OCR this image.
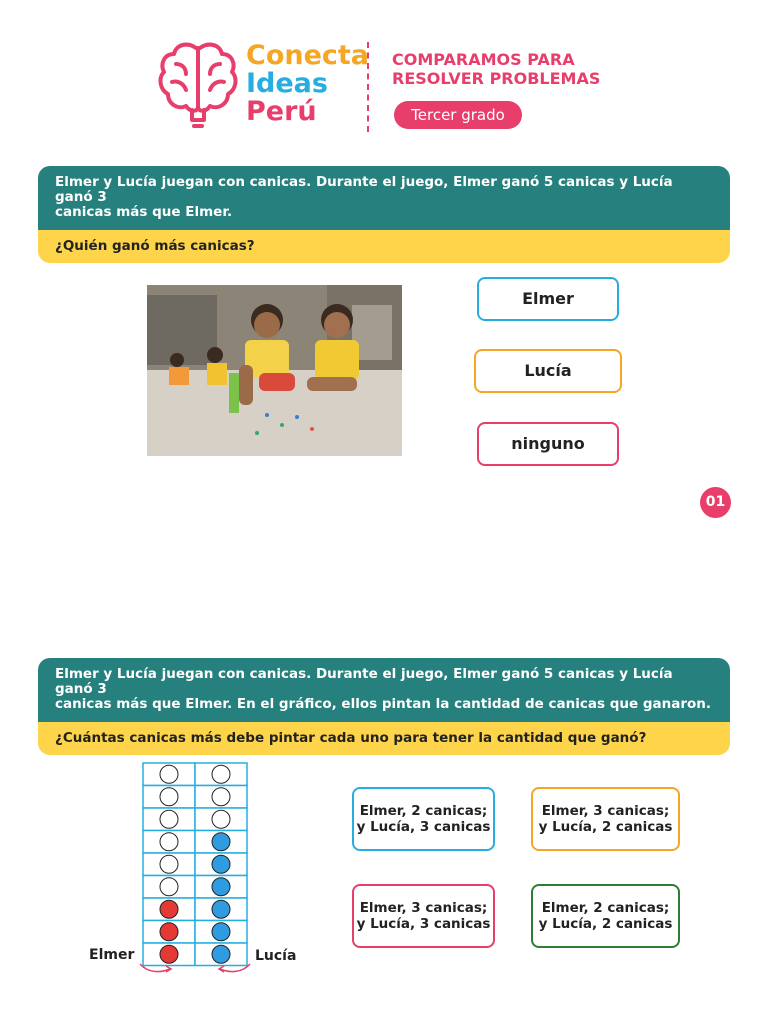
Conecta
Ideas
Perú
COMPARAMOS PARA
RESOLVER PROBLEMAS
Tercer grado
Elmer y Lucía juegan con canicas. Durante el juego, Elmer ganó 5 canicas y Lucía ganó 3
canicas más que Elmer.
¿Quién ganó más canicas?
Elmer
Lucía
ninguno
01
Elmer y Lucía juegan con canicas. Durante el juego, Elmer ganó 5 canicas y Lucía ganó 3
canicas más que Elmer. En el gráfico, ellos pintan la cantidad de canicas que ganaron.
¿Cuántas canicas más debe pintar cada uno para tener la cantidad que ganó?
Elmer	Lucía
Elmer, 2 canicas;
y Lucía, 3 canicas
Elmer, 3 canicas;
y Lucía, 2 canicas
Elmer, 3 canicas;
y Lucía, 3 canicas
Elmer, 2 canicas;
y Lucía, 2 canicas
